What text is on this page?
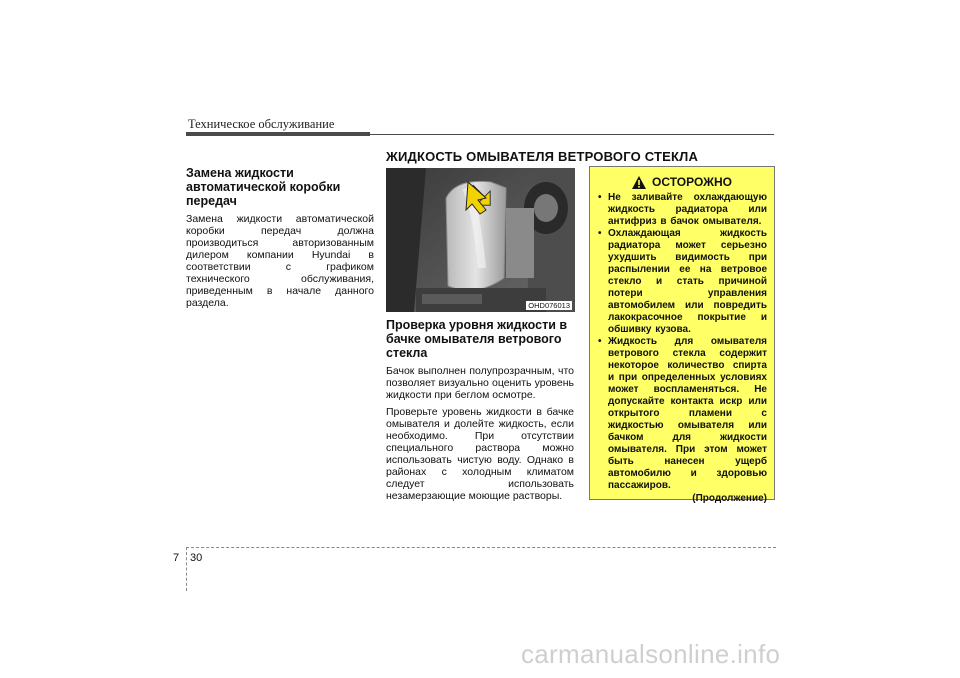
Техническое обслуживание
Замена жидкости автоматической коробки передач
Замена жидкости автоматической коробки передач должна производиться авторизованным дилером компании Hyundai в соответствии с графиком технического обслуживания, приведенным в начале данного раздела.
ЖИДКОСТЬ ОМЫВАТЕЛЯ ВЕТРОВОГО СТЕКЛА
OHD076013
Проверка уровня жидкости в бачке омывателя ветрового стекла
Бачок выполнен полупрозрачным, что позволяет визуально оценить уровень жидкости при беглом осмотре.
Проверьте уровень жидкости в бачке омывателя и долейте жидкость, если необходимо. При отсутствии специального раствора можно использовать чистую воду. Однако в районах с холодным климатом следует использовать незамерзающие моющие растворы.
ОСТОРОЖНО
• Не заливайте охлаждающую жидкость радиатора или антифриз в бачок омывателя.
• Охлаждающая жидкость радиатора может серьезно ухудшить видимость при распылении ее на ветровое стекло и стать причиной потери управления автомобилем или повредить лакокрасочное покрытие и обшивку кузова.
• Жидкость для омывателя ветрового стекла содержит некоторое количество спирта и при определенных условиях может воспламеняться. Не допускайте контакта искр или открытого пламени с жидкостью омывателя или бачком для жидкости омывателя. При этом может быть нанесен ущерб автомобилю и здоровью пассажиров.
(Продолжение)
7 30
carmanualsonline.info
